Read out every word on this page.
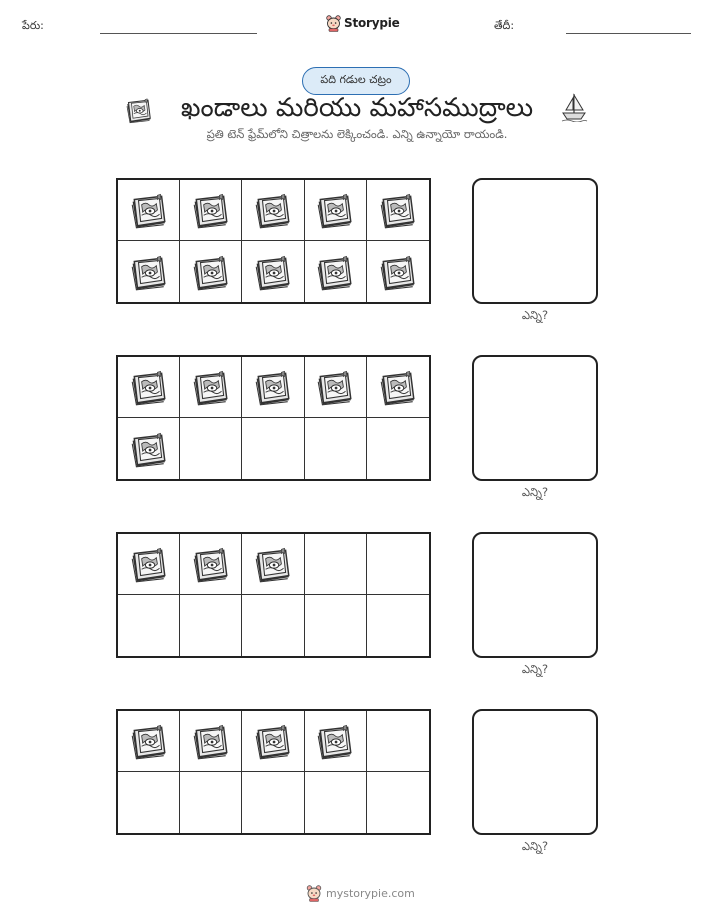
పేరు:	Storypie	తేదీ:
పది గడుల చట్రం
ఖండాలు మరియు మహాసముద్రాలు
ప్రతి టెన్ ఫ్రేమ్‌లోని చిత్రాలను లెక్కించండి. ఎన్ని ఉన్నాయో రాయండి.
ఎన్ని?
ఎన్ని?
ఎన్ని?
ఎన్ని?
mystorypie.com
